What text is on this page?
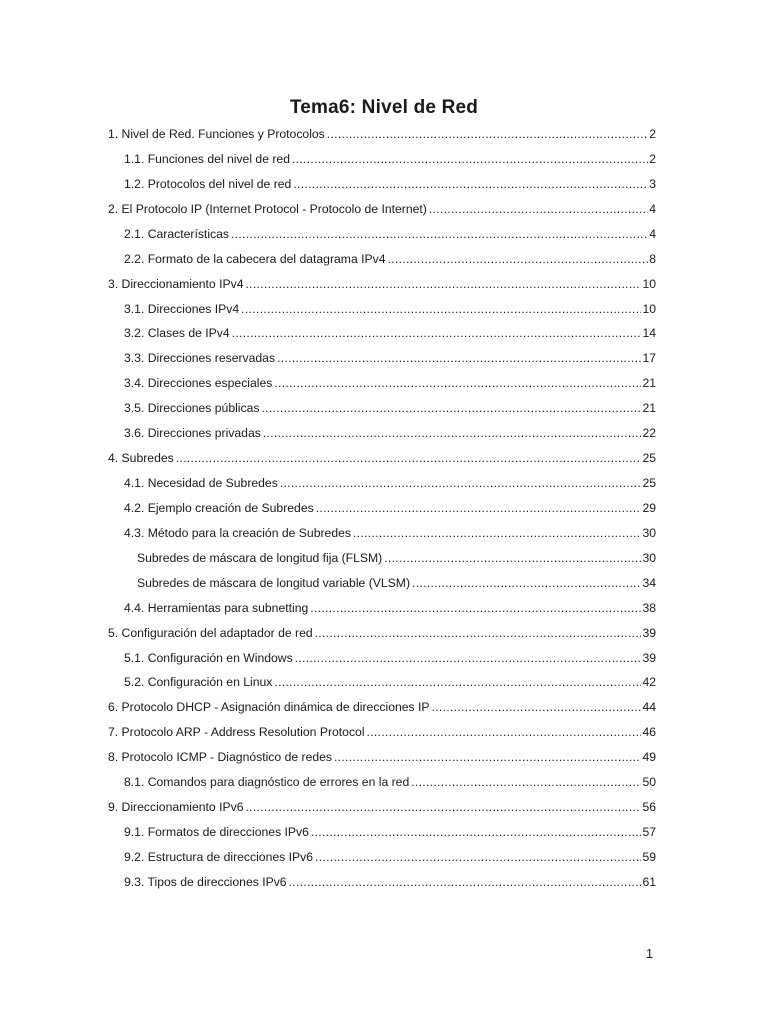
Tema6: Nivel de Red
1. Nivel de Red. Funciones y Protocolos .....	2
1.1. Funciones del nivel de red .....	2
1.2. Protocolos del nivel de red .....	3
2. El Protocolo IP (Internet Protocol - Protocolo de Internet) .....	4
2.1. Características .....	4
2.2. Formato de la cabecera del datagrama IPv4 .....	8
3. Direccionamiento IPv4 .....	10
3.1. Direcciones IPv4 .....	10
3.2. Clases de IPv4 .....	14
3.3. Direcciones reservadas .....	17
3.4. Direcciones especiales .....	21
3.5. Direcciones públicas .....	21
3.6. Direcciones privadas .....	22
4. Subredes .....	25
4.1. Necesidad de Subredes .....	25
4.2. Ejemplo creación de Subredes .....	29
4.3. Método para la creación de Subredes .....	30
Subredes de máscara de longitud fija (FLSM) .....	30
Subredes de máscara de longitud variable (VLSM) .....	34
4.4. Herramientas para subnetting .....	38
5. Configuración del adaptador de red .....	39
5.1. Configuración en Windows .....	39
5.2. Configuración en Linux .....	42
6. Protocolo DHCP - Asignación dinámica de direcciones IP .....	44
7. Protocolo ARP - Address Resolution Protocol .....	46
8. Protocolo ICMP - Diagnóstico de redes .....	49
8.1. Comandos para diagnóstico de errores en la red .....	50
9. Direccionamiento IPv6 .....	56
9.1. Formatos de direcciones IPv6 .....	57
9.2. Estructura de direcciones IPv6 .....	59
9.3. Tipos de direcciones IPv6 .....	61
1
